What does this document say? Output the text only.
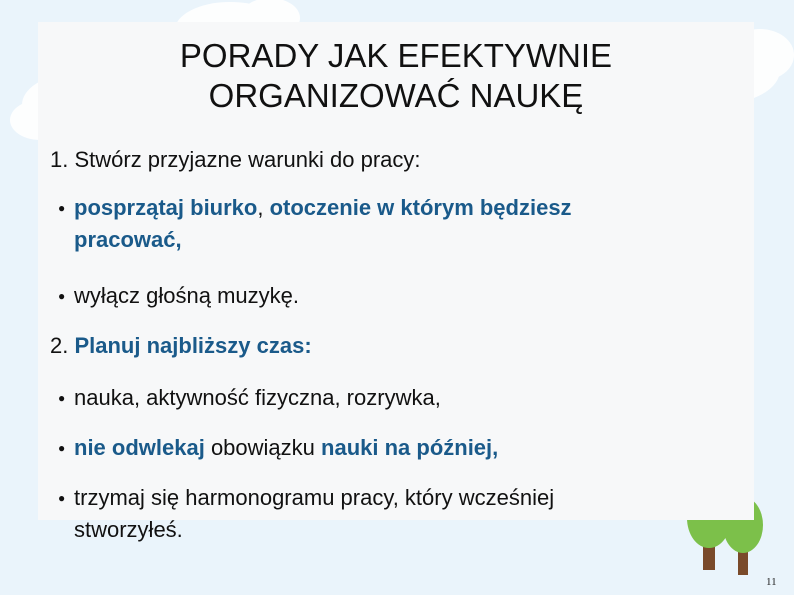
PORADY JAK EFEKTYWNIE
ORGANIZOWAĆ NAUKĘ
1. Stwórz przyjazne warunki do pracy:
● posprzątaj biurko, otoczenie w którym będziesz pracować,
● wyłącz głośną muzykę.
2. Planuj najbliższy czas:
● nauka, aktywność fizyczna, rozrywka,
● nie odwlekaj obowiązku nauki na później,
● trzymaj się harmonogramu pracy, który wcześniej stworzyłeś.
11
